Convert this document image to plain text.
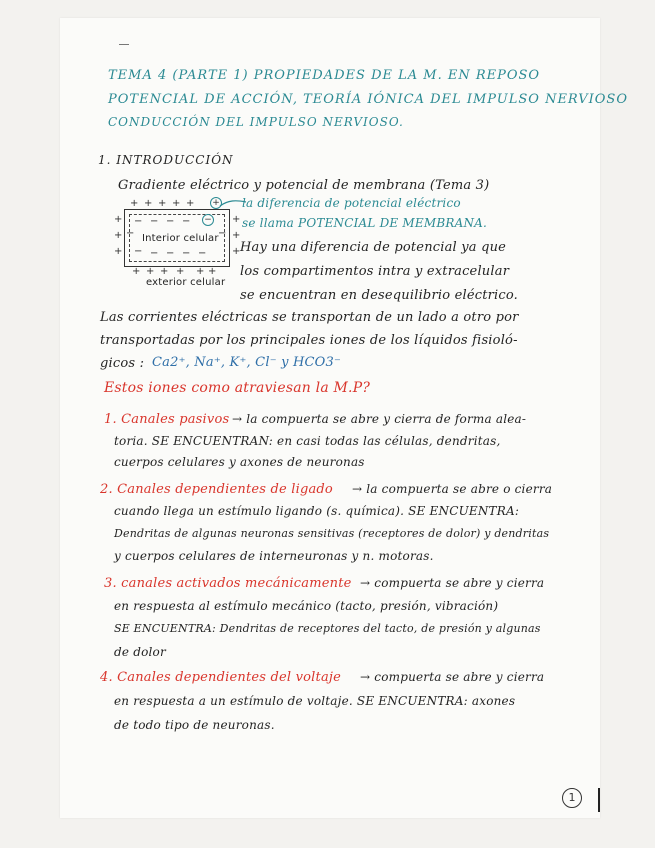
TEMA 4 (PARTE 1) PROPIEDADES DE LA M. EN REPOSO
POTENCIAL DE ACCIÓN, TEORÍA IÓNICA DEL IMPULSO NERVIOSO
CONDUCCIÓN DEL IMPULSO NERVIOSO.
1. INTRODUCCIÓN
Gradiente eléctrico y potencial de membrana (Tema 3)
Interior celular
exterior celular
+ + + + + +
+ + + + + +
+
+
+
+
+
+
− − − − −
− − − − −
−	−
la diferencia de potencial eléctrico
se llama POTENCIAL DE MEMBRANA.
Hay una diferencia de potencial ya que
los compartimentos intra y extracelular
se encuentran en desequilibrio eléctrico.
Las corrientes eléctricas se transportan de un lado a otro por
transportadas por los principales iones de los líquidos fisioló-
gicos : Ca2⁺, Na⁺, K⁺, Cl⁻ y HCO3⁻
Estos iones como atraviesan la M.P?
1. Canales pasivos → la compuerta se abre y cierra de forma alea-
toria. SE ENCUENTRAN: en casi todas las células, dendritas,
cuerpos celulares y axones de neuronas
2. Canales dependientes de ligado → la compuerta se abre o cierra
cuando llega un estímulo ligando (s. química). SE ENCUENTRA:
Dendritas de algunas neuronas sensitivas (receptores de dolor) y dendritas
y cuerpos celulares de interneuronas y n. motoras.
3. canales activados mecánicamente → compuerta se abre y cierra
en respuesta al estímulo mecánico (tacto, presión, vibración)
SE ENCUENTRA: Dendritas de receptores del tacto, de presión y algunas
de dolor
4. Canales dependientes del voltaje → compuerta se abre y cierra
en respuesta a un estímulo de voltaje. SE ENCUENTRA: axones
de todo tipo de neuronas.
1
